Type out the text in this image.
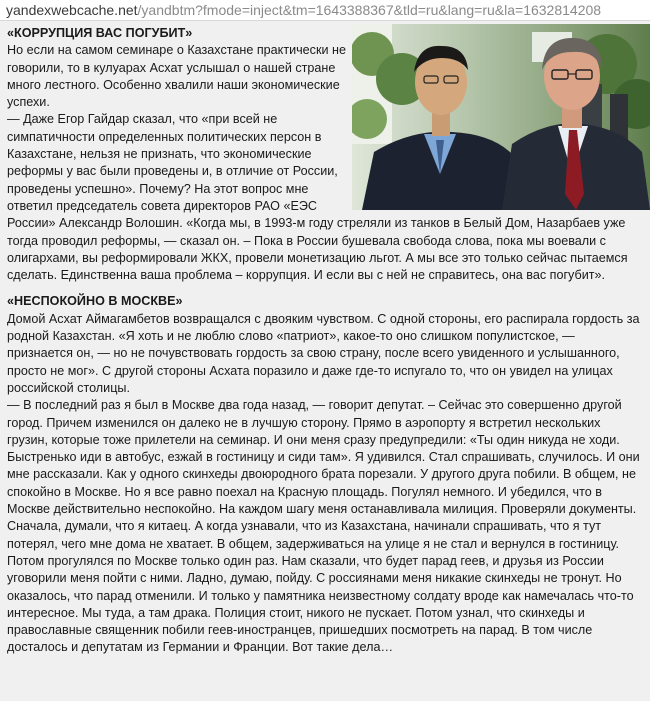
yandexwebcache.net/yandbtm?fmode=inject&tm=1643388367&tld=ru&lang=ru&la=1632814208

«КОРРУПЦИЯ ВАС ПОГУБИТ»

Но если на самом семинаре о Казахстане практически не говорили, то в кулуарах Асхат услышал о нашей стране много лестного. Особенно хвалили наши экономические успехи.

— Даже Егор Гайдар сказал, что «при всей не симпатичности определенных политических персон в Казахстане, нельзя не признать, что экономические реформы у вас были проведены и, в отличие от России, проведены успешно». Почему? На этот вопрос мне ответил председатель совета директоров РАО «ЕЭС России» Александр Волошин. «Когда мы, в 1993-м году стреляли из танков в Белый Дом, Назарбаев уже тогда проводил реформы, — сказал он. – Пока в России бушевала свобода слова, пока мы воевали с олигархами, вы реформировали ЖКХ, провели монетизацию льгот. А мы все это только сейчас пытаемся сделать. Единственна ваша проблема – коррупция. И если вы с ней не справитесь, она вас погубит».

«НЕСПОКОЙНО В МОСКВЕ»

Домой Асхат Аймагамбетов возвращался с двояким чувством. С одной стороны, его распирала гордость за родной Казахстан. «Я хоть и не люблю слово «патриот», какое-то оно слишком популистское, — признается он, — но не почувствовать гордость за свою страну, после всего увиденного и услышанного, просто не мог». С другой стороны Асхата поразило и даже где-то испугало то, что он увидел на улицах российской столицы.

— В последний раз я был в Москве два года назад, — говорит депутат. – Сейчас это совершенно другой город. Причем изменился он далеко не в лучшую сторону. Прямо в аэропорту я встретил нескольких грузин, которые тоже прилетели на семинар. И они меня сразу предупредили: «Ты один никуда не ходи. Быстренько иди в автобус, езжай в гостиницу и сиди там». Я удивился. Стал спрашивать, случилось. И они мне рассказали. Как у одного скинхеды двоюродного брата порезали. У другого друга побили. В общем, не спокойно в Москве. Но я все равно поехал на Красную площадь. Погулял немного. И убедился, что в Москве действительно неспокойно. На каждом шагу меня останавливала милиция. Проверяли документы. Сначала, думали, что я китаец. А когда узнавали, что из Казахстана, начинали спрашивать, что я тут потерял, чего мне дома не хватает. В общем, задерживаться на улице я не стал и вернулся в гостиницу. Потом прогулялся по Москве только один раз. Нам сказали, что будет парад геев, и друзья из России уговорили меня пойти с ними. Ладно, думаю, пойду. С россиянами меня никакие скинхеды не тронут. Но оказалось, что парад отменили. И только у памятника неизвестному солдату вроде как намечалась что-то интересное. Мы туда, а там драка. Полиция стоит, никого не пускает. Потом узнал, что скинхеды и православные священник побили геев-иностранцев, пришедших посмотреть на парад. В том числе досталось и депутатам из Германии и Франции. Вот такие дела…
